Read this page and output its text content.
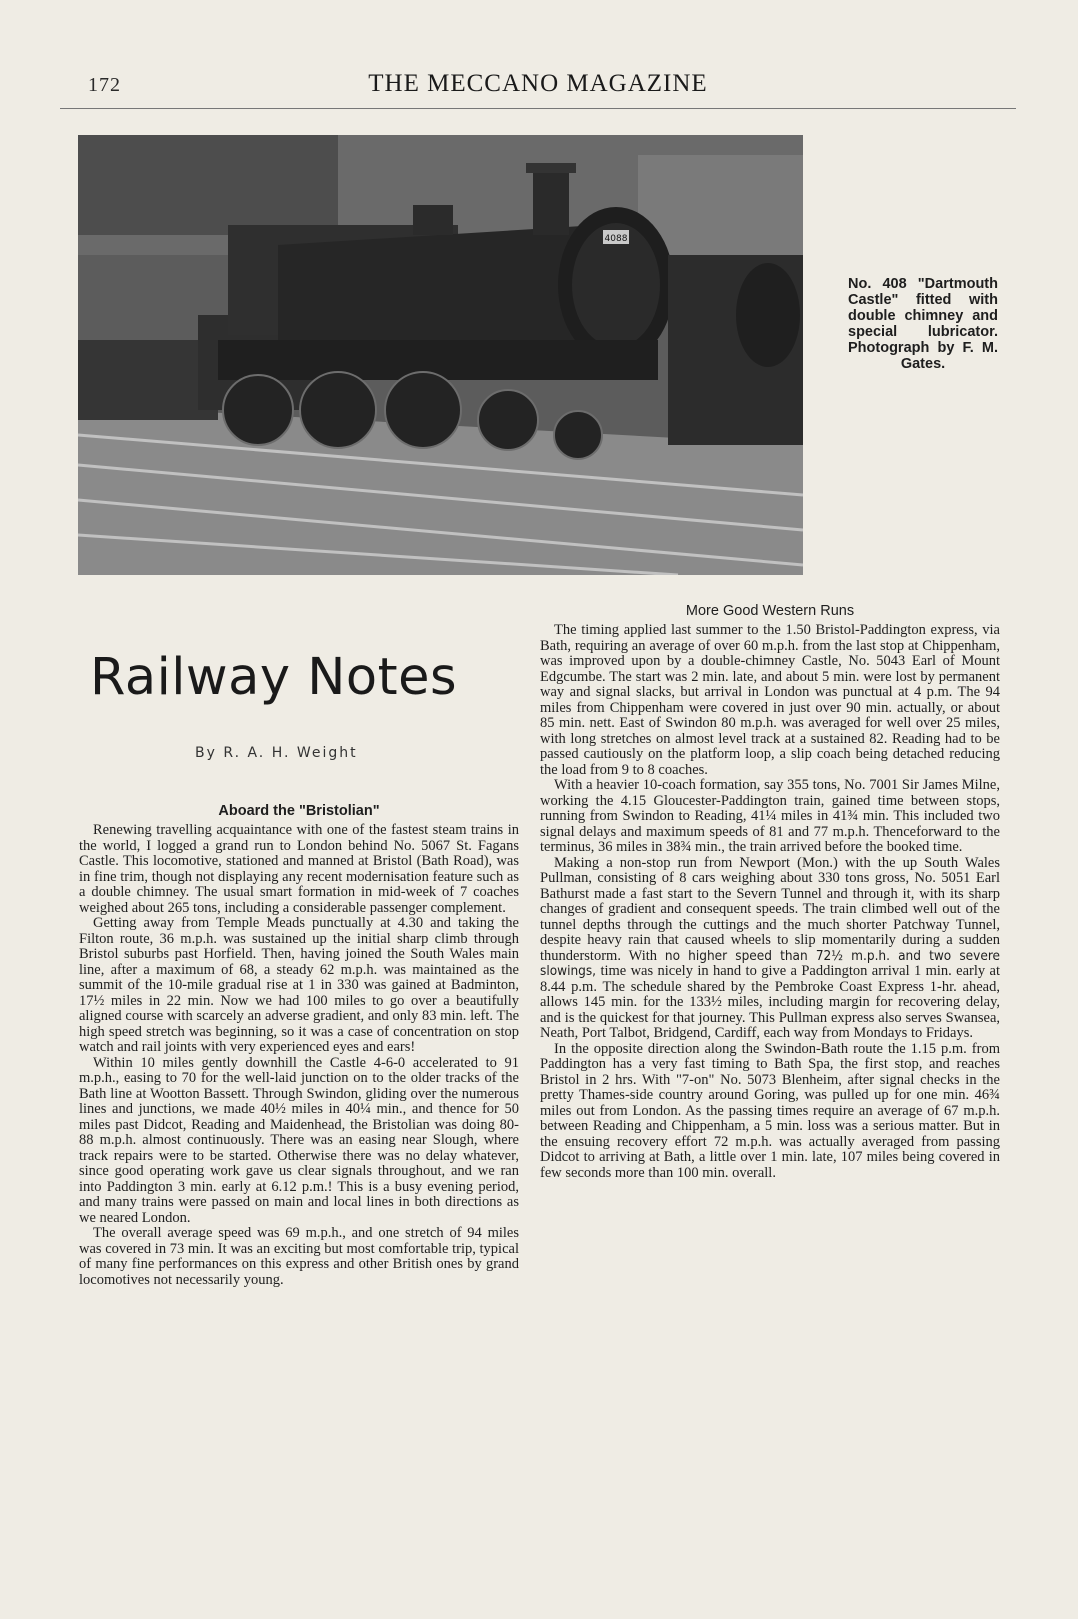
172	THE MECCANO MAGAZINE
4088
No. 408 "Dartmouth Castle" fitted with double chimney and special lubricator. Photograph by F. M. Gates.
Railway Notes
By R. A. H. Weight
Aboard the "Bristolian"

Renewing travelling acquaintance with one of the fastest steam trains in the world, I logged a grand run to London behind No. 5067 St. Fagans Castle. This locomotive, stationed and manned at Bristol (Bath Road), was in fine trim, though not displaying any recent modernisation feature such as a double chimney. The usual smart formation in mid-week of 7 coaches weighed about 265 tons, including a considerable passenger complement.

Getting away from Temple Meads punctually at 4.30 and taking the Filton route, 36 m.p.h. was sustained up the initial sharp climb through Bristol suburbs past Horfield. Then, having joined the South Wales main line, after a maximum of 68, a steady 62 m.p.h. was maintained as the summit of the 10-mile gradual rise at 1 in 330 was gained at Badminton, 17½ miles in 22 min. Now we had 100 miles to go over a beautifully aligned course with scarcely an adverse gradient, and only 83 min. left. The high speed stretch was beginning, so it was a case of concentration on stop watch and rail joints with very experienced eyes and ears!

Within 10 miles gently downhill the Castle 4-6-0 accelerated to 91 m.p.h., easing to 70 for the well-laid junction on to the older tracks of the Bath line at Wootton Bassett. Through Swindon, gliding over the numerous lines and junctions, we made 40½ miles in 40¼ min., and thence for 50 miles past Didcot, Reading and Maidenhead, the Bristolian was doing 80-88 m.p.h. almost continuously. There was an easing near Slough, where track repairs were to be started. Otherwise there was no delay whatever, since good operating work gave us clear signals throughout, and we ran into Paddington 3 min. early at 6.12 p.m.! This is a busy evening period, and many trains were passed on main and local lines in both directions as we neared London.

The overall average speed was 69 m.p.h., and one stretch of 94 miles was covered in 73 min. It was an exciting but most comfortable trip, typical of many fine performances on this express and other British ones by grand locomotives not necessarily young.

More Good Western Runs

The timing applied last summer to the 1.50 Bristol-Paddington express, via Bath, requiring an average of over 60 m.p.h. from the last stop at Chippenham, was improved upon by a double-chimney Castle, No. 5043 Earl of Mount Edgcumbe. The start was 2 min. late, and about 5 min. were lost by permanent way and signal slacks, but arrival in London was punctual at 4 p.m. The 94 miles from Chippenham were covered in just over 90 min. actually, or about 85 min. nett. East of Swindon 80 m.p.h. was averaged for well over 25 miles, with long stretches on almost level track at a sustained 82. Reading had to be passed cautiously on the platform loop, a slip coach being detached reducing the load from 9 to 8 coaches.

With a heavier 10-coach formation, say 355 tons, No. 7001 Sir James Milne, working the 4.15 Gloucester-Paddington train, gained time between stops, running from Swindon to Reading, 41¼ miles in 41¾ min. This included two signal delays and maximum speeds of 81 and 77 m.p.h. Thenceforward to the terminus, 36 miles in 38¾ min., the train arrived before the booked time.

Making a non-stop run from Newport (Mon.) with the up South Wales Pullman, consisting of 8 cars weighing about 330 tons gross, No. 5051 Earl Bathurst made a fast start to the Severn Tunnel and through it, with its sharp changes of gradient and consequent speeds. The train climbed well out of the tunnel depths through the cuttings and the much shorter Patchway Tunnel, despite heavy rain that caused wheels to slip momentarily during a sudden thunderstorm. With no higher speed than 72½ m.p.h. and two severe slowings, time was nicely in hand to give a Paddington arrival 1 min. early at 8.44 p.m. The schedule shared by the Pembroke Coast Express 1-hr. ahead, allows 145 min. for the 133½ miles, including margin for recovering delay, and is the quickest for that journey. This Pullman express also serves Swansea, Neath, Port Talbot, Bridgend, Cardiff, each way from Mondays to Fridays.

In the opposite direction along the Swindon-Bath route the 1.15 p.m. from Paddington has a very fast timing to Bath Spa, the first stop, and reaches Bristol in 2 hrs. With "7-on" No. 5073 Blenheim, after signal checks in the pretty Thames-side country around Goring, was pulled up for one min. 46¾ miles out from London. As the passing times require an average of 67 m.p.h. between Reading and Chippenham, a 5 min. loss was a serious matter. But in the ensuing recovery effort 72 m.p.h. was actually averaged from passing Didcot to arriving at Bath, a little over 1 min. late, 107 miles being covered in few seconds more than 100 min. overall.
